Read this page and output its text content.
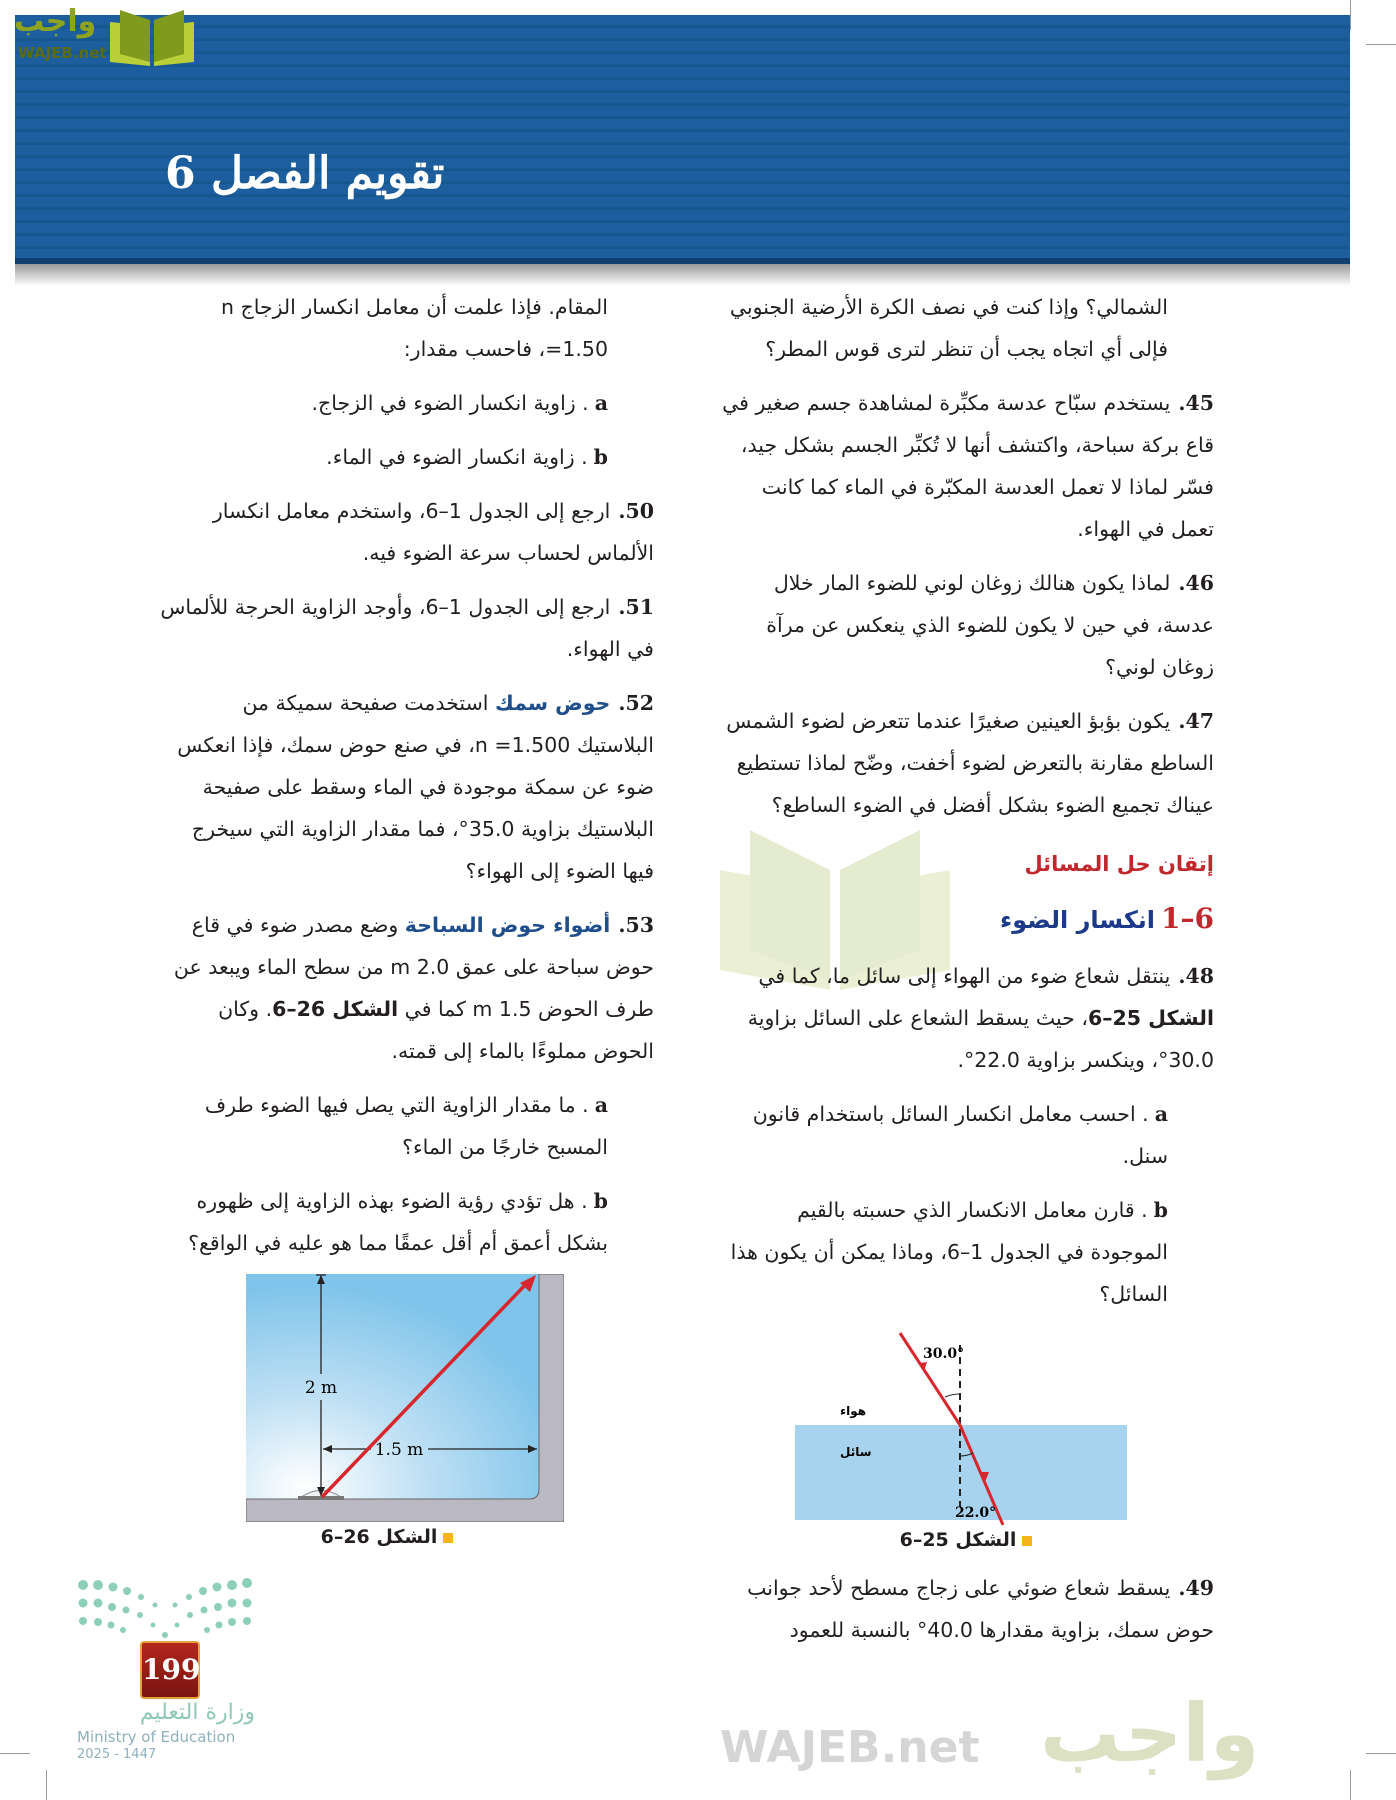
تقويم الفصل 6
واجب
WAJEB.net
واجب
WAJEB.net
الشمالي؟ وإذا كنت في نصف الكرة الأرضية الجنوبي فإلى أي اتجاه يجب أن تنظر لترى قوس المطر؟
45.يستخدم سبّاح عدسة مكبِّرة لمشاهدة جسم صغير في قاع بركة سباحة، واكتشف أنها لا تُكبِّر الجسم بشكل جيد، فسّر لماذا لا تعمل العدسة المكبّرة في الماء كما كانت تعمل في الهواء.
46.لماذا يكون هنالك زوغان لوني للضوء المار خلال عدسة، في حين لا يكون للضوء الذي ينعكس عن مرآة زوغان لوني؟
47.يكون بؤبؤ العينين صغيرًا عندما تتعرض لضوء الشمس الساطع مقارنة بالتعرض لضوء أخفت، وضّح لماذا تستطيع عيناك تجميع الضوء بشكل أفضل في الضوء الساطع؟
إتقان حل المسائل
6–1انكسار الضوء
48.ينتقل شعاع ضوء من الهواء إلى سائل ما، كما في الشكل 25–6، حيث يسقط الشعاع على السائل بزاوية 30.0°، وينكسر بزاوية 22.0°.
a. احسب معامل انكسار السائل باستخدام قانون سنل.
b. قارن معامل الانكسار الذي حسبته بالقيم الموجودة في الجدول 1–6، وماذا يمكن أن يكون هذا السائل؟
30.0°
هواء
سائل
22.0°
الشكل 25–6
49.يسقط شعاع ضوئي على زجاج مسطح لأحد جوانب حوض سمك، بزاوية مقدارها 40.0° بالنسبة للعمود
المقام. فإذا علمت أن معامل انكسار الزجاج n =1.50، فاحسب مقدار:
a. زاوية انكسار الضوء في الزجاج.
b. زاوية انكسار الضوء في الماء.
50.ارجع إلى الجدول 1–6، واستخدم معامل انكسار الألماس لحساب سرعة الضوء فيه.
51.ارجع إلى الجدول 1–6، وأوجد الزاوية الحرجة للألماس في الهواء.
52.حوض سمك استخدمت صفيحة سميكة من البلاستيك n =1.500، في صنع حوض سمك، فإذا انعكس ضوء عن سمكة موجودة في الماء وسقط على صفيحة البلاستيك بزاوية 35.0°، فما مقدار الزاوية التي سيخرج فيها الضوء إلى الهواء؟
53.أضواء حوض السباحة وضع مصدر ضوء في قاع حوض سباحة على عمق 2.0 m من سطح الماء ويبعد عن طرف الحوض 1.5 m كما في الشكل 26–6. وكان الحوض مملوءًا بالماء إلى قمته.
a. ما مقدار الزاوية التي يصل فيها الضوء طرف المسبح خارجًا من الماء؟
b. هل تؤدي رؤية الضوء بهذه الزاوية إلى ظهوره بشكل أعمق أم أقل عمقًا مما هو عليه في الواقع؟
2 m
1.5 m
الشكل 26–6
وزارة التعليم
Ministry of Education
2025 - 1447
199
